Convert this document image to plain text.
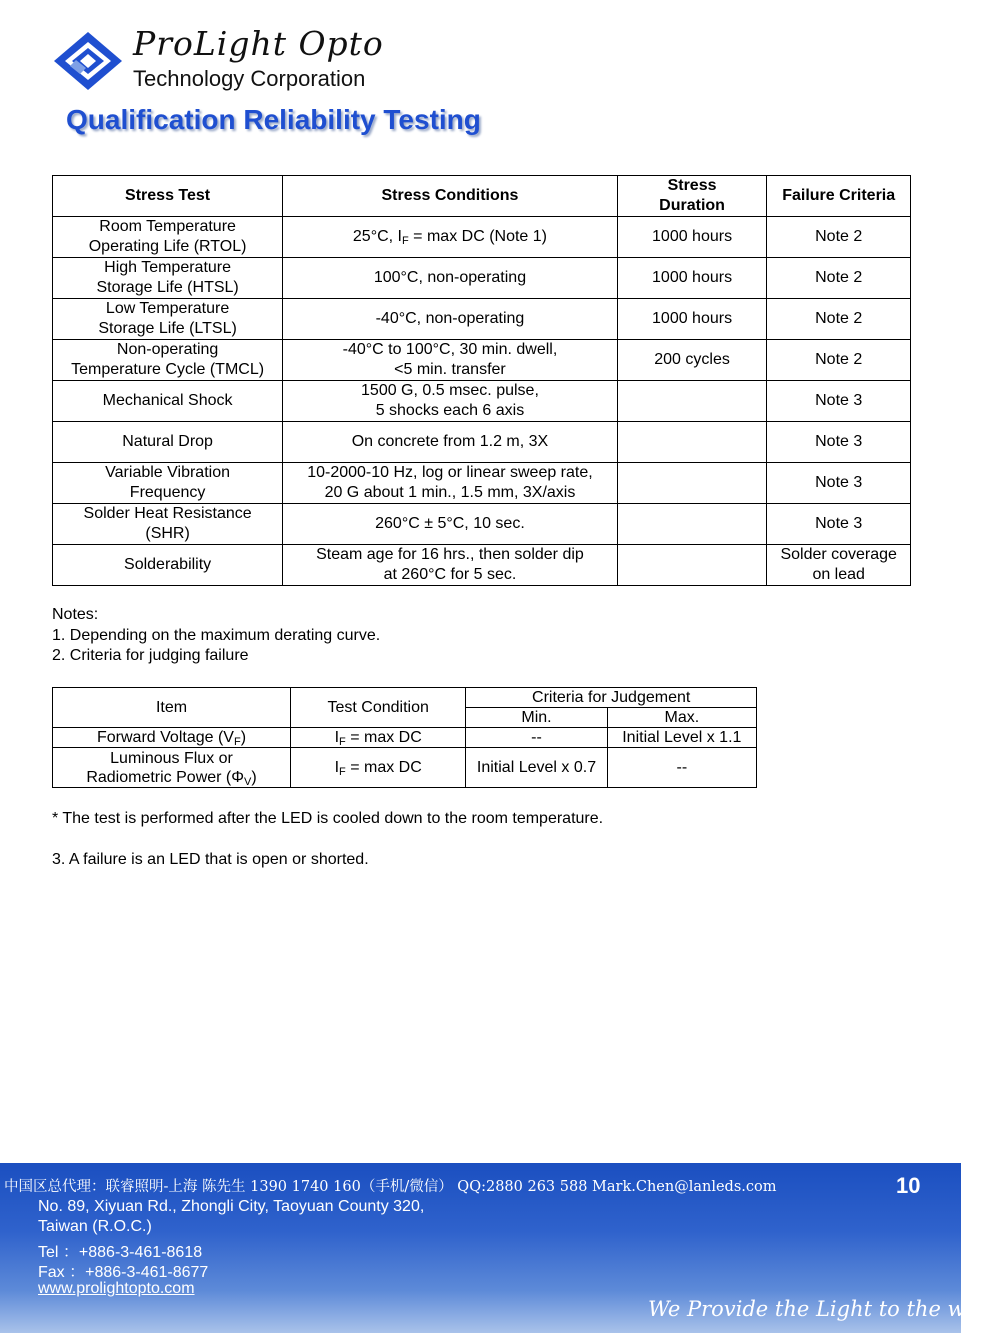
ProLight Opto
Technology Corporation
Qualification Reliability Testing
Stress Test	Stress Conditions	Stress Duration	Failure Criteria
Room Temperature
Operating Life (RTOL)	25°C, $I_F = \max$ DC (Note 1)	1000 hours	Note 2
High Temperature
Storage Life (HTSL)	100°C, non-operating	1000 hours	Note 2
Low Temperature
Storage Life (LTSL)	-40°C, non-operating	1000 hours	Note 2
Non-operating
Temperature Cycle (TMCL)	-40°C to 100°C, 30 min. dwell,
<5 min. transfer	200 cycles	Note 2
Mechanical Shock	1500 G, 0.5 msec. pulse,
5 shocks each 6 axis		Note 3
Natural Drop	On concrete from 1.2 m, 3X		Note 3
Variable Vibration
Frequency	10-2000-10 Hz, log or linear sweep rate,
20 G about 1 min., 1.5 mm, 3X/axis		Note 3
Solder Heat Resistance
(SHR)	260°C ± 5°C, 10 sec.		Note 3
Solderability	Steam age for 16 hrs., then solder dip
at 260°C for 5 sec.		Solder coverage
on lead
Notes:
1. Depending on the maximum derating curve.
2. Criteria for judging failure
Item	Test Condition	Criteria for Judgement	
		Min.	Max.
Forward Voltage $(V_F)$	$I_F = \max$ DC	--	Initial Level x 1.1
Luminous Flux or
Radiometric Power $(\Phi_V)$	$I_F = \max$ DC	Initial Level x 0.7	--
* The test is performed after the LED is cooled down to the room temperature.
3. A failure is an LED that is open or shorted.
中国区总代理：联睿照明-上海 陈先生 1390 1740 160（手机/微信） QQ:2880 263 588 Mark.Chen@lanleds.com	10
No. 89, Xiyuan Rd., Zhongli City, Taoyuan County 320,
Taiwan (R.O.C.)
Tel ：+886-3-461-8618
Fax ：+886-3-461-8677
www.prolightopto.com
We Provide the Light to the world
